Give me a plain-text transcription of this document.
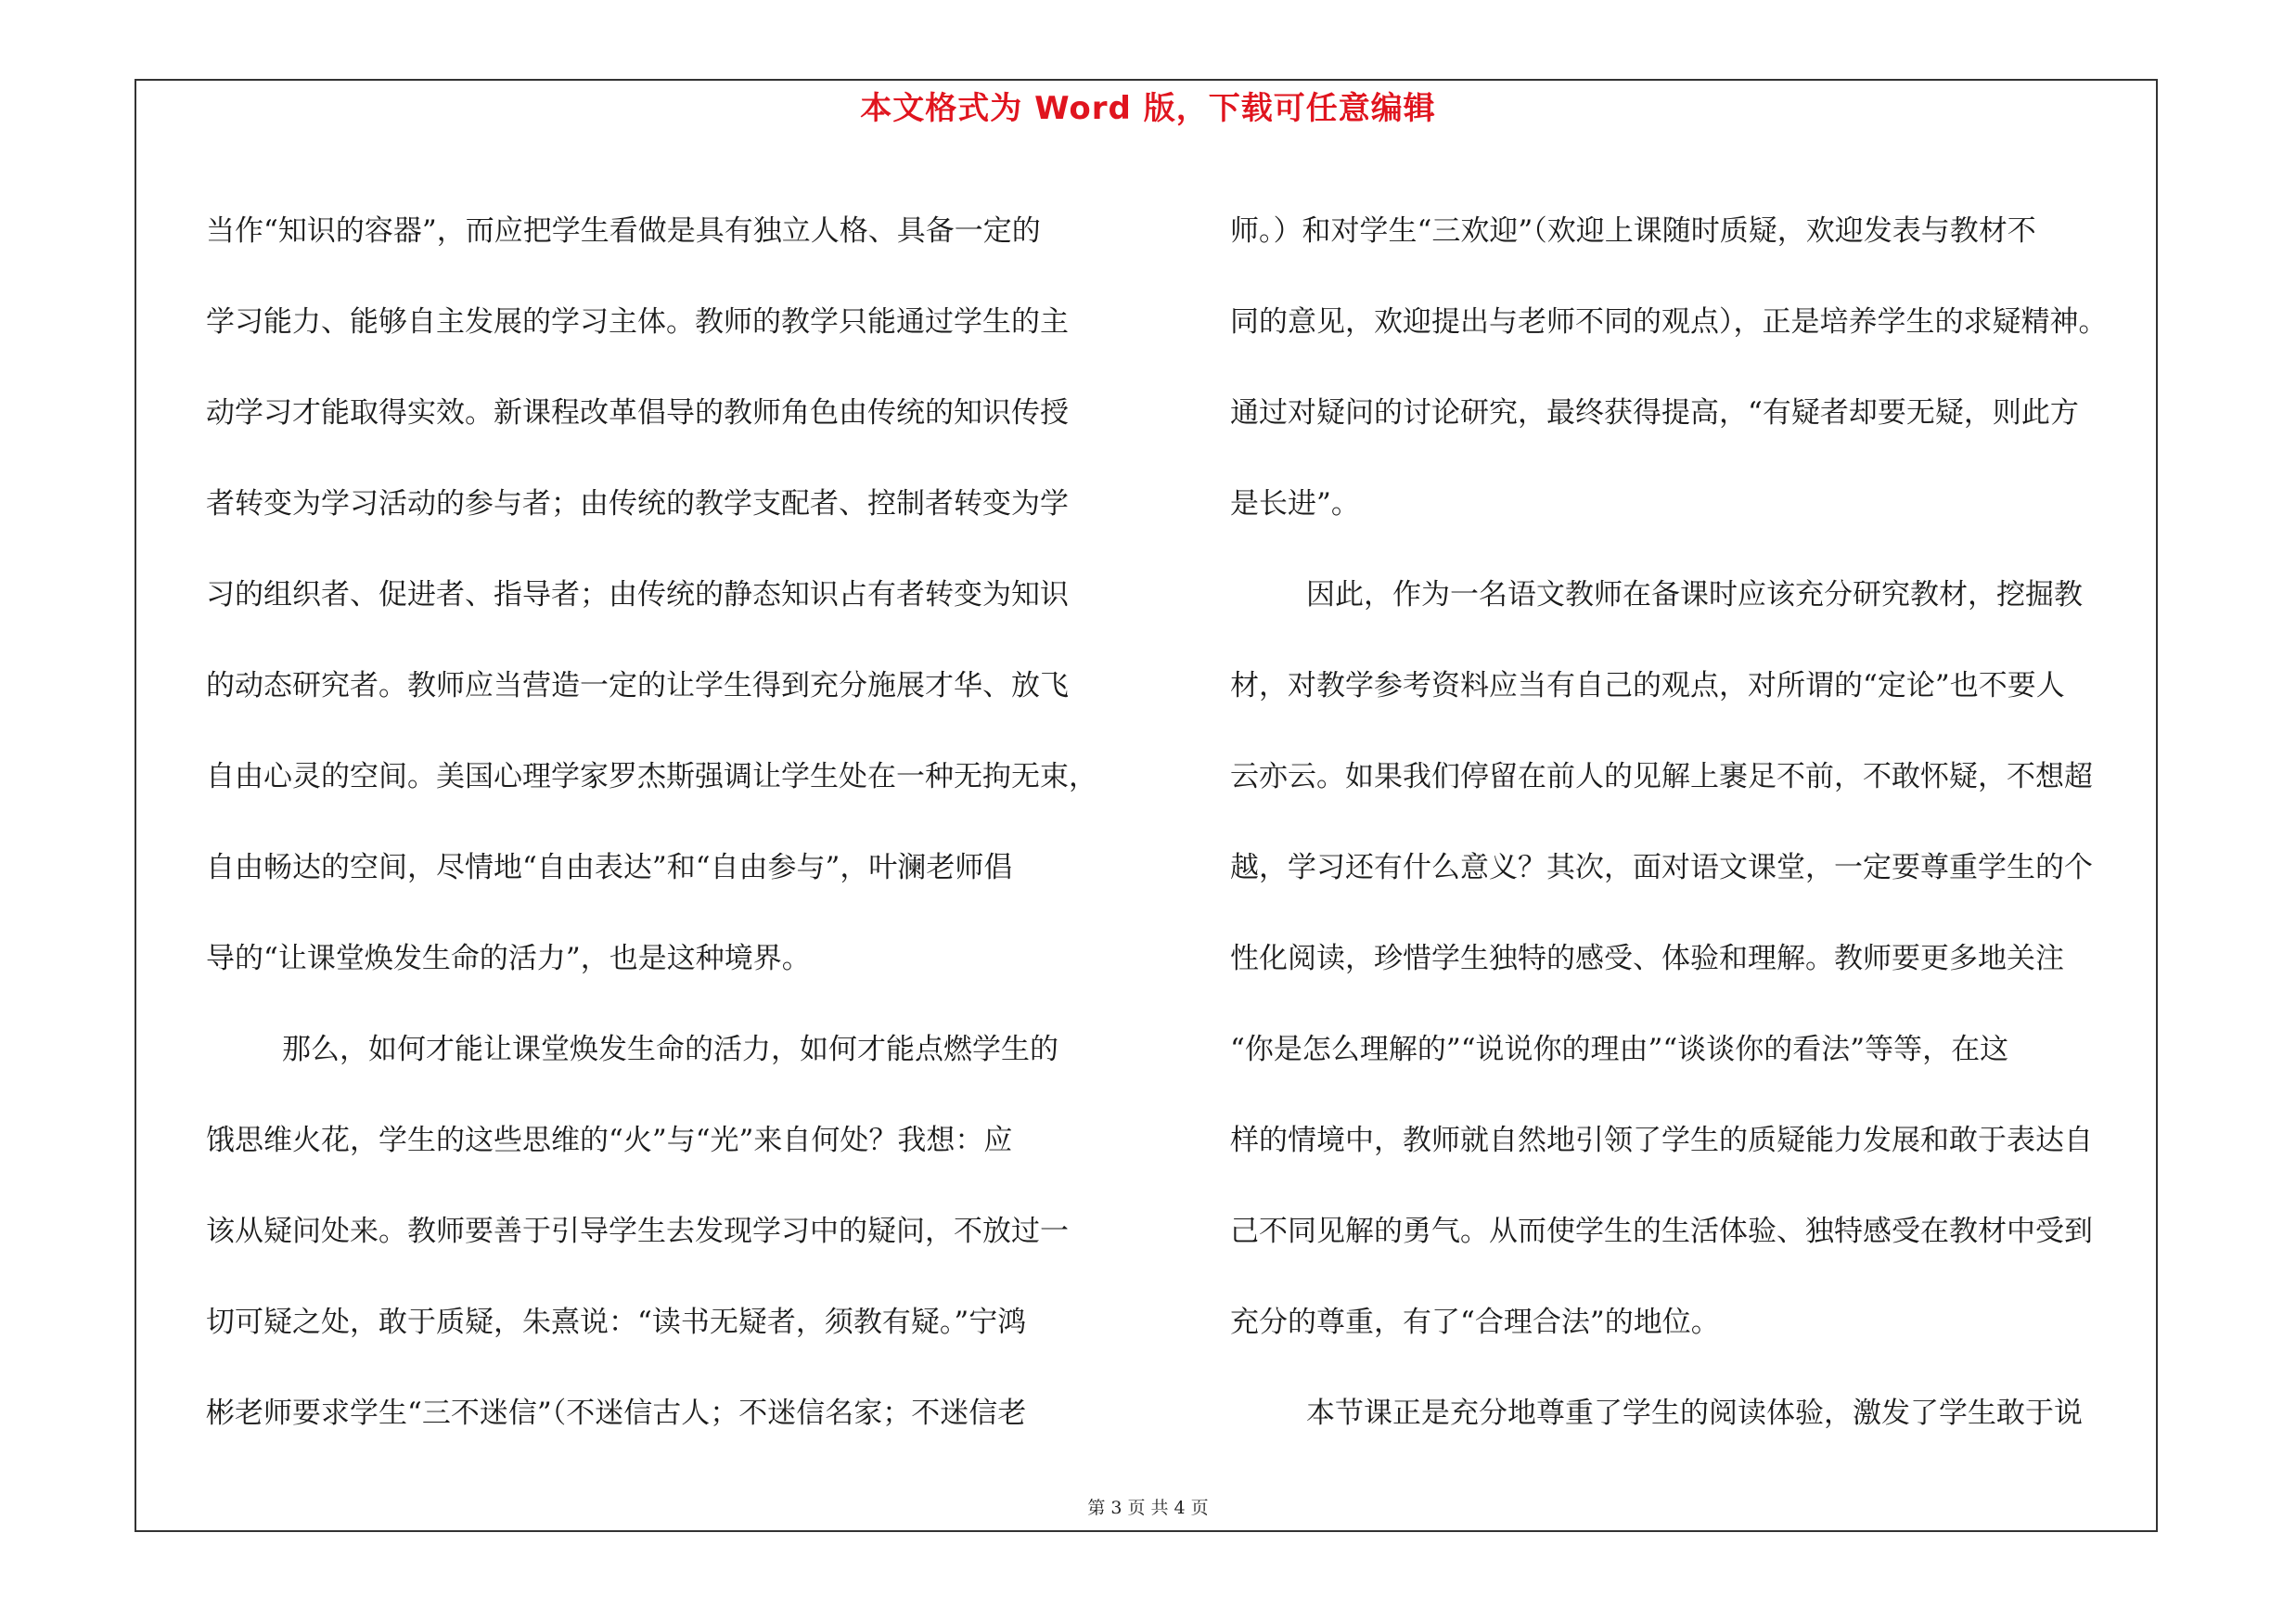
本文格式为 Word 版，下载可任意编辑
当作“知识的容器”，而应把学生看做是具有独立人格、具备一定的
学习能力、能够自主发展的学习主体。教师的教学只能通过学生的主
动学习才能取得实效。新课程改革倡导的教师角色由传统的知识传授
者转变为学习活动的参与者；由传统的教学支配者、控制者转变为学
习的组织者、促进者、指导者；由传统的静态知识占有者转变为知识
的动态研究者。教师应当营造一定的让学生得到充分施展才华、放飞
自由心灵的空间。美国心理学家罗杰斯强调让学生处在一种无拘无束，
自由畅达的空间，尽情地“自由表达”和“自由参与”，叶澜老师倡
导的“让课堂焕发生命的活力”，也是这种境界。
那么，如何才能让课堂焕发生命的活力，如何才能点燃学生的
饿思维火花，学生的这些思维的“火”与“光”来自何处？我想：应
该从疑问处来。教师要善于引导学生去发现学习中的疑问，不放过一
切可疑之处，敢于质疑，朱熹说：“读书无疑者，须教有疑。”宁鸿
彬老师要求学生“三不迷信”（不迷信古人；不迷信名家；不迷信老
师。）和对学生“三欢迎”（欢迎上课随时质疑，欢迎发表与教材不
同的意见，欢迎提出与老师不同的观点），正是培养学生的求疑精神。
通过对疑问的讨论研究，最终获得提高，“有疑者却要无疑，则此方
是长进”。
因此，作为一名语文教师在备课时应该充分研究教材，挖掘教
材，对教学参考资料应当有自己的观点，对所谓的“定论”也不要人
云亦云。如果我们停留在前人的见解上裹足不前，不敢怀疑，不想超
越，学习还有什么意义？其次，面对语文课堂，一定要尊重学生的个
性化阅读，珍惜学生独特的感受、体验和理解。教师要更多地关注
“你是怎么理解的”“说说你的理由”“谈谈你的看法”等等，在这
样的情境中，教师就自然地引领了学生的质疑能力发展和敢于表达自
己不同见解的勇气。从而使学生的生活体验、独特感受在教材中受到
充分的尊重，有了“合理合法”的地位。
本节课正是充分地尊重了学生的阅读体验，激发了学生敢于说
第 3 页 共 4 页
